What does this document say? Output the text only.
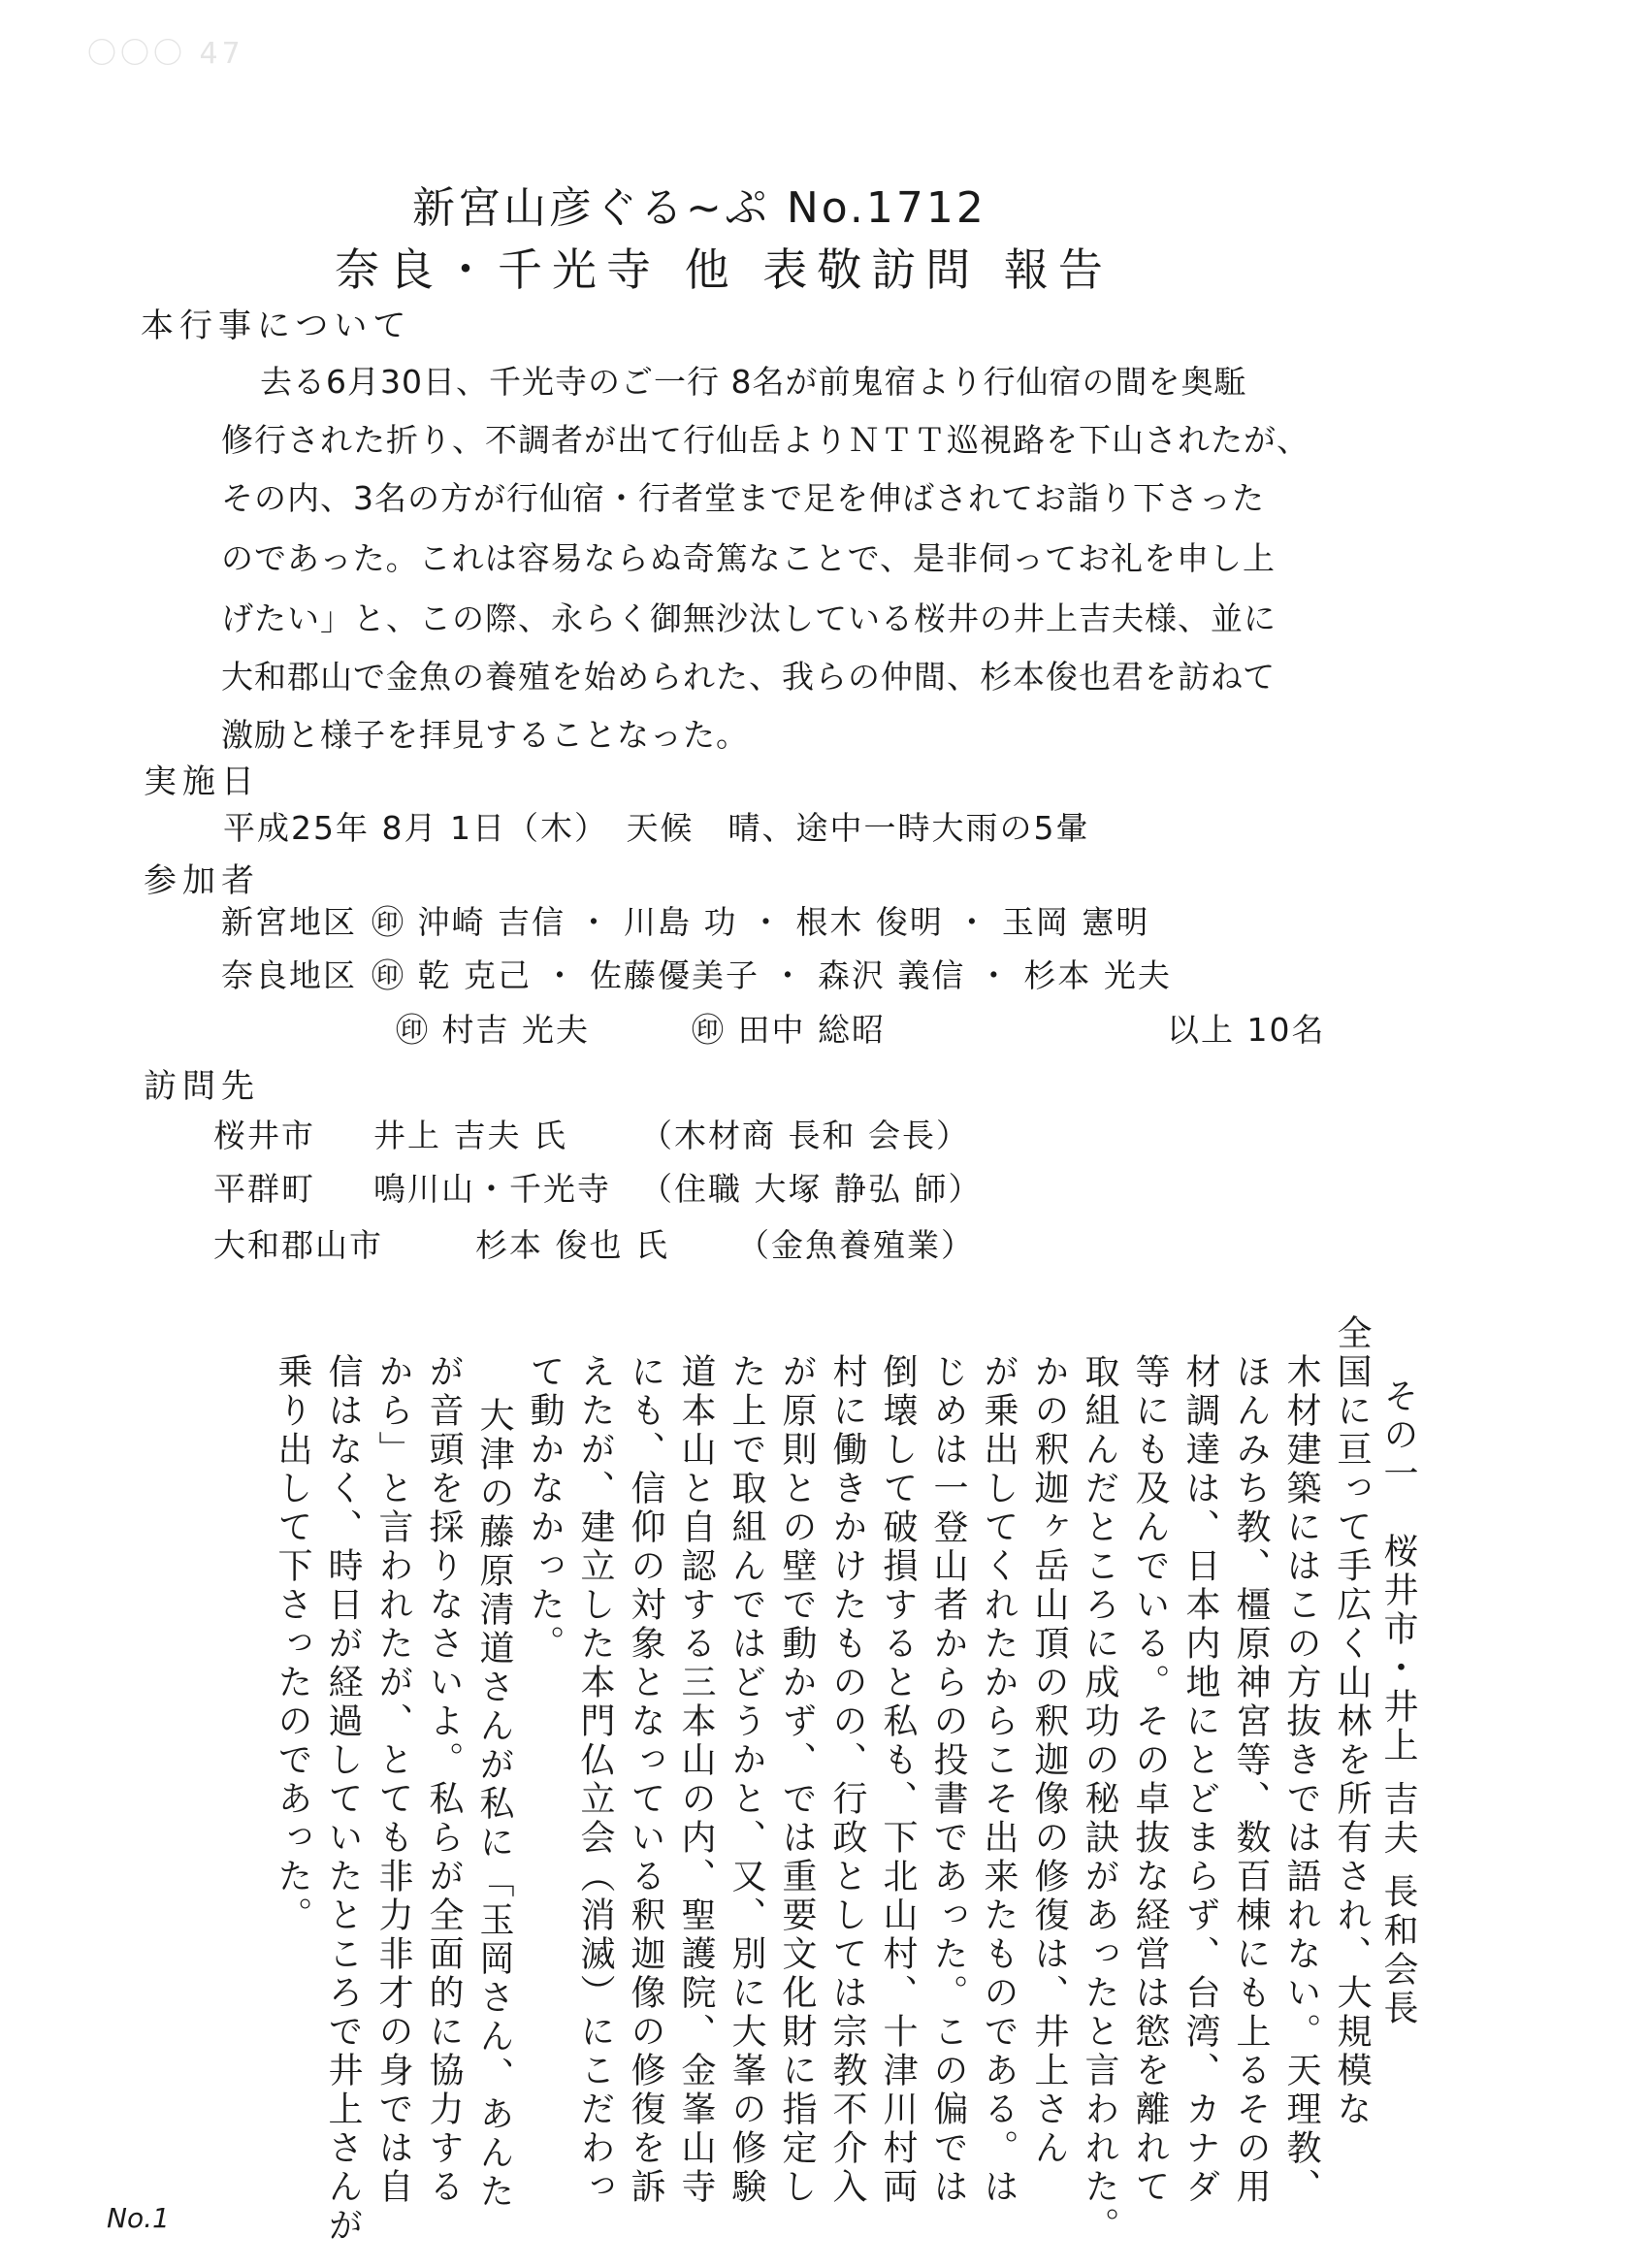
〇〇〇 47
新宮山彦ぐる~ぷ No.1712
奈良・千光寺 他 表敬訪問 報告
本行事について
去る6月30日、千光寺のご一行 8名が前鬼宿より行仙宿の間を奥駈
修行された折り、不調者が出て行仙岳よりＮＴＴ巡視路を下山されたが、
その内、3名の方が行仙宿・行者堂まで足を伸ばされてお詣り下さった
のであった。これは容易ならぬ奇篤なことで、是非伺ってお礼を申し上
げたい」と、この際、永らく御無沙汰している桜井の井上吉夫様、並に
大和郡山で金魚の養殖を始められた、我らの仲間、杉本俊也君を訪ねて
激励と様子を拝見することなった。
実施日
平成25年 8月 1日（木）　天候　晴、途中一時大雨の5暈
参加者
新宮地区 ㊞ 沖崎 吉信 ・ 川島 功 ・ 根木 俊明 ・ 玉岡 憲明
奈良地区 ㊞ 乾 克己 ・ 佐藤優美子 ・ 森沢 義信 ・ 杉本 光夫
㊞ 村吉 光夫　　　㊞ 田中 総昭	以上 10名
訪問先
桜井市 井上 吉夫 氏 （木材商 長和 会長）
平群町 鳴川山・千光寺 （住職 大塚 静弘 師）
大和郡山市	杉本 俊也 氏 （金魚養殖業）
その一　桜井市・井上 吉夫 長和会長
全国に亘って手広く山林を所有され、大規模な
木材建築にはこの方抜きでは語れない。天理教、
ほんみち教、橿原神宮等、数百棟にも上るその用
材調達は、日本内地にとどまらず、台湾、カナダ
等にも及んでいる。その卓抜な経営は慾を離れて
取組んだところに成功の秘訣があったと言われた。
かの釈迦ヶ岳山頂の釈迦像の修復は、井上さん
が乗出してくれたからこそ出来たものである。は
じめは一登山者からの投書であった。この偏では
倒壊して破損すると私も、下北山村、十津川村両
村に働きかけたものの、行政としては宗教不介入
が原則との壁で動かず、では重要文化財に指定し
た上で取組んではどうかと、又、別に大峯の修験
道本山と自認する三本山の内、聖護院、金峯山寺
にも、信仰の対象となっている釈迦像の修復を訴
えたが、建立した本門仏立会（消滅）にこだわっ
て動かなかった。
大津の藤原清道さんが私に「玉岡さん、あんた
が音頭を採りなさいよ。私らが全面的に協力する
から」と言われたが、とても非力非才の身では自
信はなく、時日が経過していたところで井上さんが
乗り出して下さったのであった。
No.1
